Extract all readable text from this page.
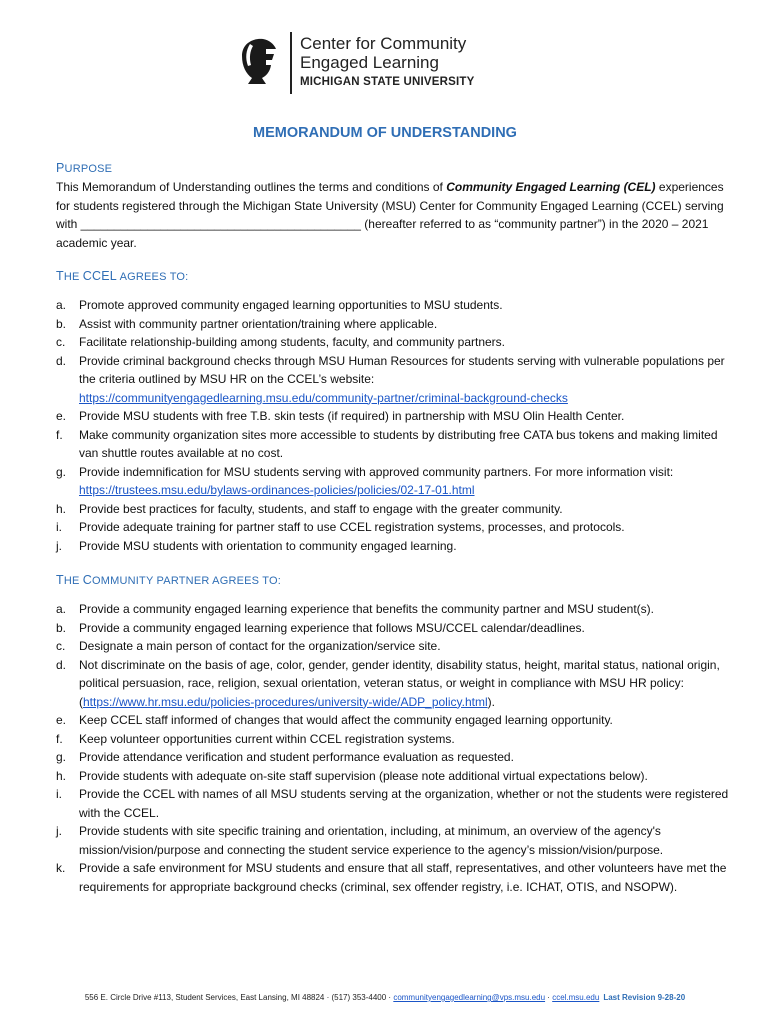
Center for Community
Engaged Learning
MICHIGAN STATE UNIVERSITY
MEMORANDUM OF UNDERSTANDING
PURPOSE
This Memorandum of Understanding outlines the terms and conditions of Community Engaged Learning (CEL) experiences for students registered through the Michigan State University (MSU) Center for Community Engaged Learning (CCEL) serving with __________________________________________ (hereafter referred to as “community partner”) in the 2020 – 2021 academic year.
THE CCEL AGREES TO:
a. Promote approved community engaged learning opportunities to MSU students.
b. Assist with community partner orientation/training where applicable.
c. Facilitate relationship-building among students, faculty, and community partners.
d. Provide criminal background checks through MSU Human Resources for students serving with vulnerable populations per the criteria outlined by MSU HR on the CCEL’s website:
https://communityengagedlearning.msu.edu/community-partner/criminal-background-checks
e. Provide MSU students with free T.B. skin tests (if required) in partnership with MSU Olin Health Center.
f. Make community organization sites more accessible to students by distributing free CATA bus tokens and making limited van shuttle routes available at no cost.
g. Provide indemnification for MSU students serving with approved community partners. For more information visit:
https://trustees.msu.edu/bylaws-ordinances-policies/policies/02-17-01.html
h. Provide best practices for faculty, students, and staff to engage with the greater community.
i. Provide adequate training for partner staff to use CCEL registration systems, processes, and protocols.
j. Provide MSU students with orientation to community engaged learning.
THE COMMUNITY PARTNER AGREES TO:
a. Provide a community engaged learning experience that benefits the community partner and MSU student(s).
b. Provide a community engaged learning experience that follows MSU/CCEL calendar/deadlines.
c. Designate a main person of contact for the organization/service site.
d. Not discriminate on the basis of age, color, gender, gender identity, disability status, height, marital status, national origin, political persuasion, race, religion, sexual orientation, veteran status, or weight in compliance with MSU HR policy: (https://www.hr.msu.edu/policies-procedures/university-wide/ADP_policy.html).
e. Keep CCEL staff informed of changes that would affect the community engaged learning opportunity.
f. Keep volunteer opportunities current within CCEL registration systems.
g. Provide attendance verification and student performance evaluation as requested.
h. Provide students with adequate on-site staff supervision (please note additional virtual expectations below).
i. Provide the CCEL with names of all MSU students serving at the organization, whether or not the students were registered with the CCEL.
j. Provide students with site specific training and orientation, including, at minimum, an overview of the agency's mission/vision/purpose and connecting the student service experience to the agency’s mission/vision/purpose.
k. Provide a safe environment for MSU students and ensure that all staff, representatives, and other volunteers have met the requirements for appropriate background checks (criminal, sex offender registry, i.e. ICHAT, OTIS, and NSOPW).
556 E. Circle Drive #113, Student Services, East Lansing, MI 48824 · (517) 353-4400 · communityengagedlearning@vps.msu.edu · ccel.msu.edu Last Revision 9-28-20
